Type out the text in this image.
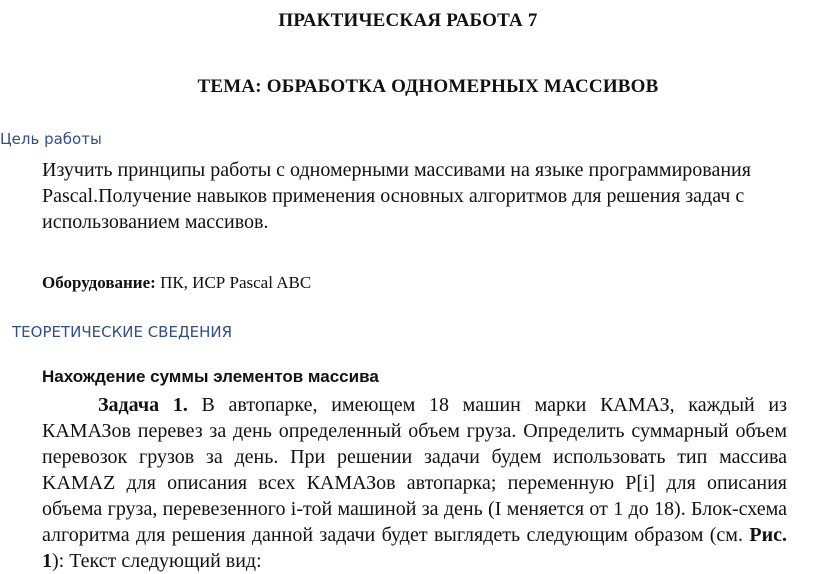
ПРАКТИЧЕСКАЯ РАБОТА 7
ТЕМА: ОБРАБОТКА ОДНОМЕРНЫХ МАССИВОВ
Цель работы

Изучить принципы работы с одномерными массивами на языке программирования Pascal.Получение навыков применения основных алгоритмов для решения задач с использованием массивов.

Оборудование: ПК, ИСР Pascal ABC

ТЕОРЕТИЧЕСКИЕ СВЕДЕНИЯ
Нахождение суммы элементов массива

Задача 1. В автопарке, имеющем 18 машин марки КАМАЗ, каждый из КАМАЗов перевез за день определенный объем груза. Определить суммарный объем перевозок грузов за день. При решении задачи будем использовать тип массива KAMAZ для описания всех КАМАЗов автопарка; переменную P[i] для описания объема груза, перевезенного i-той машиной за день (I меняется от 1 до 18). Блок-схема алгоритма для решения данной задачи будет выглядеть следующим образом (см. Рис. 1): Текст следующий вид:
